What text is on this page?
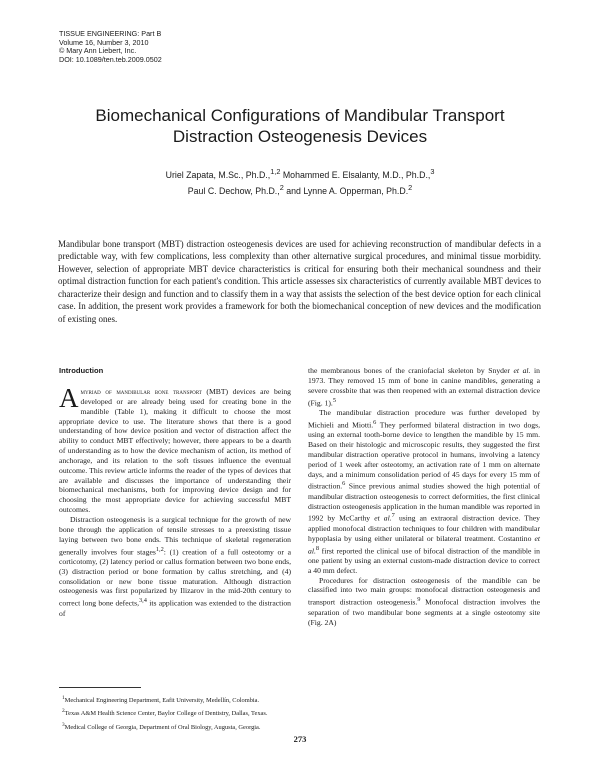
TISSUE ENGINEERING: Part B
Volume 16, Number 3, 2010
© Mary Ann Liebert, Inc.
DOI: 10.1089/ten.teb.2009.0502
Biomechanical Configurations of Mandibular Transport
Distraction Osteogenesis Devices
Uriel Zapata, M.Sc., Ph.D.,$^{1,2}$ Mohammed E. Elsalanty, M.D., Ph.D.,$^3$
Paul C. Dechow, Ph.D.,$^2$ and Lynne A. Opperman, Ph.D.$^2$

Mandibular bone transport (MBT) distraction osteogenesis devices are used for achieving reconstruction of mandibular defects in a predictable way, with few complications, less complexity than other alternative surgical procedures, and minimal tissue morbidity. However, selection of appropriate MBT device characteristics is critical for ensuring both their mechanical soundness and their optimal distraction function for each patient's condition. This article assesses six characteristics of currently available MBT devices to characterize their design and function and to classify them in a way that assists the selection of the best device option for each clinical case. In addition, the present work provides a framework for both the biomechanical conception of new devices and the modification of existing ones.

Introduction

Amyriad of mandibular bone transport (MBT) devices are being developed or are already being used for creating bone in the mandible (Table 1), making it difficult to choose the most appropriate device to use. The literature shows that there is a good understanding of how device position and vector of distraction affect the ability to conduct MBT effectively; however, there appears to be a dearth of understanding as to how the device mechanism of action, its method of anchorage, and its relation to the soft tissues influence the eventual outcome. This review article informs the reader of the types of devices that are available and discusses the importance of understanding their biomechanical mechanisms, both for improving device design and for choosing the most appropriate device for achieving successful MBT outcomes.

Distraction osteogenesis is a surgical technique for the growth of new bone through the application of tensile stresses to a preexisting tissue laying between two bone ends. This technique of skeletal regeneration generally involves four stages$^{1,2}$: (1) creation of a full osteotomy or a corticotomy, (2) latency period or callus formation between two bone ends, (3) distraction period or bone formation by callus stretching, and (4) consolidation or new bone tissue maturation. Although distraction osteogenesis was first popularized by Ilizarov in the mid-20th century to correct long bone defects,$^{3,4}$ its application was extended to the distraction of

the membranous bones of the craniofacial skeleton by Snyder et al. in 1973. They removed 15 mm of bone in canine mandibles, generating a severe crossbite that was then reopened with an external distraction device (Fig. 1).$^5$

The mandibular distraction procedure was further developed by Michieli and Miotti.$^6$ They performed bilateral distraction in two dogs, using an external tooth-borne device to lengthen the mandible by 15 mm. Based on their histologic and microscopic results, they suggested the first mandibular distraction operative protocol in humans, involving a latency period of 1 week after osteotomy, an activation rate of 1 mm on alternate days, and a minimum consolidation period of 45 days for every 15 mm of distraction.$^6$ Since previous animal studies showed the high potential of mandibular distraction osteogenesis to correct deformities, the first clinical distraction osteogenesis application in the human mandible was reported in 1992 by McCarthy et al.$^7$ using an extraoral distraction device. They applied monofocal distraction techniques to four children with mandibular hypoplasia by using either unilateral or bilateral treatment. Costantino et al.$^8$ first reported the clinical use of bifocal distraction of the mandible in one patient by using an external custom-made distraction device to correct a 40 mm defect.

Procedures for distraction osteogenesis of the mandible can be classified into two main groups: monofocal distraction osteogenesis and transport distraction osteogenesis.$^9$ Monofocal distraction involves the separation of two mandibular bone segments at a single osteotomy site (Fig. 2A)

$^1$Mechanical Engineering Department, Eafit University, Medellín, Colombia.
$^2$Texas A&M Health Science Center, Baylor College of Dentistry, Dallas, Texas.
$^3$Medical College of Georgia, Department of Oral Biology, Augusta, Georgia.
273
